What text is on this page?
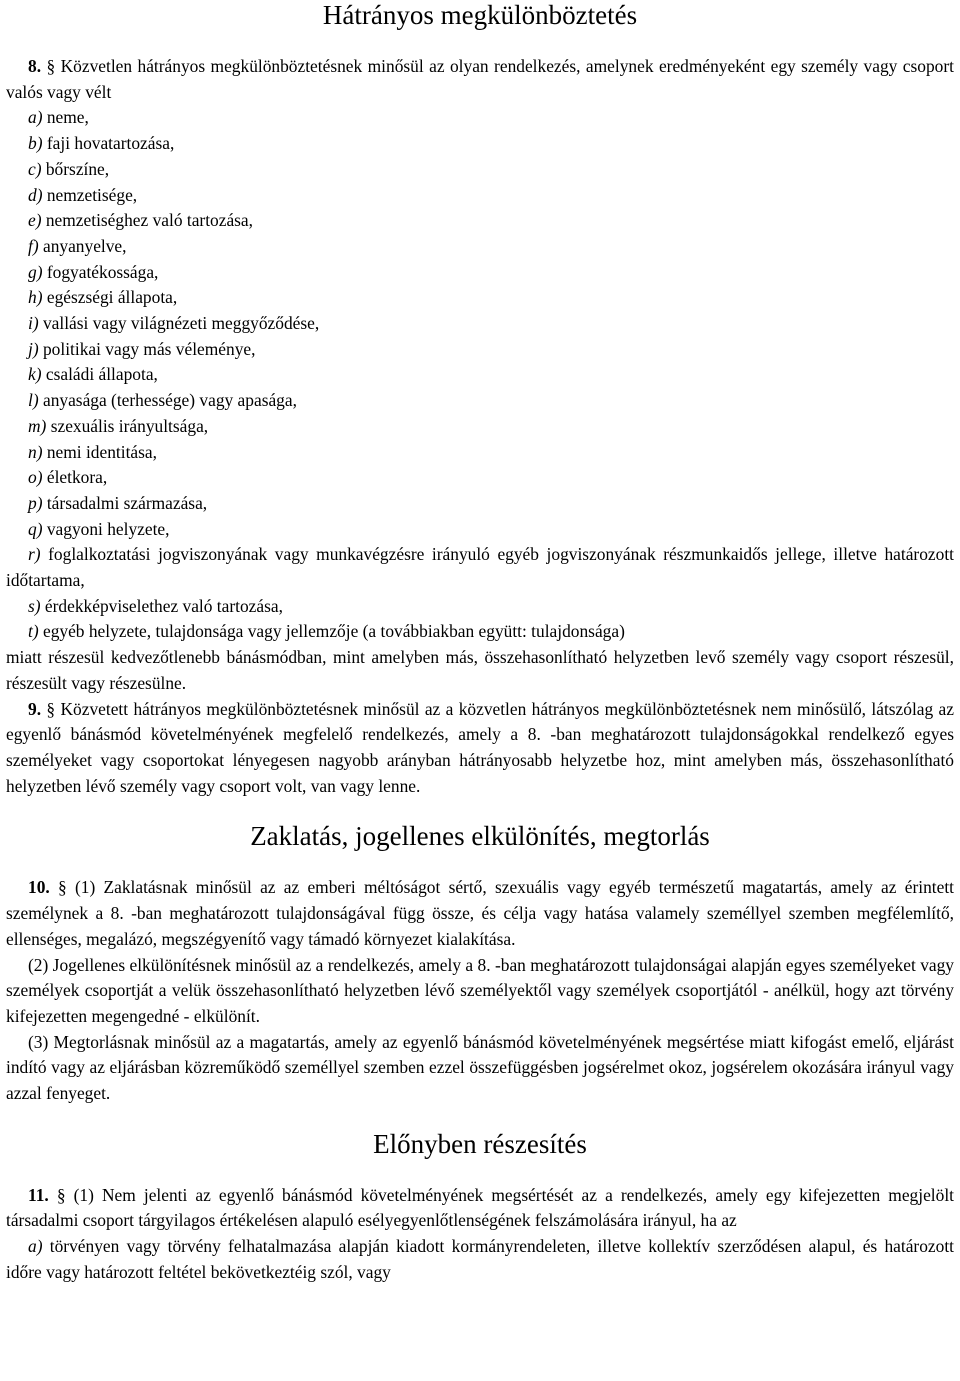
Hátrányos megkülönböztetés

8. § Közvetlen hátrányos megkülönböztetésnek minősül az olyan rendelkezés, amelynek eredményeként egy személy vagy csoport valós vagy vélt

a) neme,

b) faji hovatartozása,

c) bőrszíne,

d) nemzetisége,

e) nemzetiséghez való tartozása,

f) anyanyelve,

g) fogyatékossága,

h) egészségi állapota,

i) vallási vagy világnézeti meggyőződése,

j) politikai vagy más véleménye,

k) családi állapota,

l) anyasága (terhessége) vagy apasága,

m) szexuális irányultsága,

n) nemi identitása,

o) életkora,

p) társadalmi származása,

q) vagyoni helyzete,

r) foglalkoztatási jogviszonyának vagy munkavégzésre irányuló egyéb jogviszonyának részmunkaidős jellege, illetve határozott időtartama,

s) érdekképviselethez való tartozása,

t) egyéb helyzete, tulajdonsága vagy jellemzője (a továbbiakban együtt: tulajdonsága)

miatt részesül kedvezőtlenebb bánásmódban, mint amelyben más, összehasonlítható helyzetben levő személy vagy csoport részesül, részesült vagy részesülne.

9. § Közvetett hátrányos megkülönböztetésnek minősül az a közvetlen hátrányos megkülönböztetésnek nem minősülő, látszólag az egyenlő bánásmód követelményének megfelelő rendelkezés, amely a 8. -ban meghatározott tulajdonságokkal rendelkező egyes személyeket vagy csoportokat lényegesen nagyobb arányban hátrányosabb helyzetbe hoz, mint amelyben más, összehasonlítható helyzetben lévő személy vagy csoport volt, van vagy lenne.

Zaklatás, jogellenes elkülönítés, megtorlás

10. § (1) Zaklatásnak minősül az az emberi méltóságot sértő, szexuális vagy egyéb természetű magatartás, amely az érintett személynek a 8. -ban meghatározott tulajdonságával függ össze, és célja vagy hatása valamely személlyel szemben megfélemlítő, ellenséges, megalázó, megszégyenítő vagy támadó környezet kialakítása.

(2) Jogellenes elkülönítésnek minősül az a rendelkezés, amely a 8. -ban meghatározott tulajdonságai alapján egyes személyeket vagy személyek csoportját a velük összehasonlítható helyzetben lévő személyektől vagy személyek csoportjától - anélkül, hogy azt törvény kifejezetten megengedné - elkülönít.

(3) Megtorlásnak minősül az a magatartás, amely az egyenlő bánásmód követelményének megsértése miatt kifogást emelő, eljárást indító vagy az eljárásban közreműködő személlyel szemben ezzel összefüggésben jogsérelmet okoz, jogsérelem okozására irányul vagy azzal fenyeget.

Előnyben részesítés

11. § (1) Nem jelenti az egyenlő bánásmód követelményének megsértését az a rendelkezés, amely egy kifejezetten megjelölt társadalmi csoport tárgyilagos értékelésen alapuló esélyegyenlőtlenségének felszámolására irányul, ha az

a) törvényen vagy törvény felhatalmazása alapján kiadott kormányrendeleten, illetve kollektív szerződésen alapul, és határozott időre vagy határozott feltétel bekövetkeztéig szól, vagy
